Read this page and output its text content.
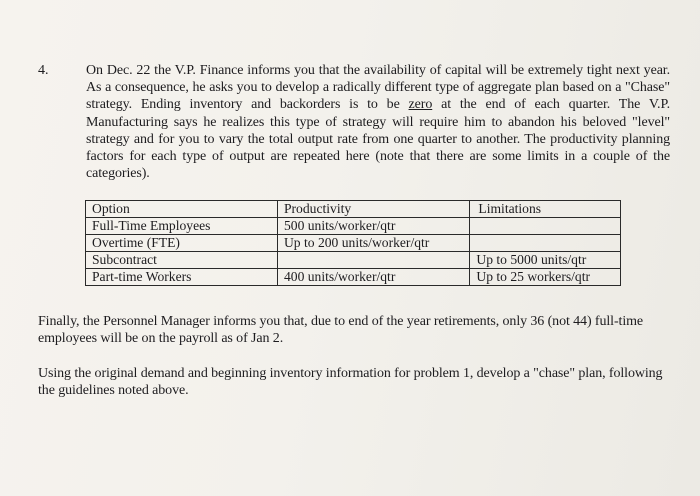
4.	On Dec. 22 the V.P. Finance informs you that the availability of capital will be extremely tight next year. As a consequence, he asks you to develop a radically different type of aggregate plan based on a "Chase" strategy. Ending inventory and backorders is to be zero at the end of each quarter. The V.P. Manufacturing says he realizes this type of strategy will require him to abandon his beloved "level" strategy and for you to vary the total output rate from one quarter to another. The productivity planning factors for each type of output are repeated here (note that there are some limits in a couple of the categories).
Option	Productivity	Limitations
Full-Time Employees	500 units/worker/qtr	
Overtime (FTE)	Up to 200 units/worker/qtr	
Subcontract		Up to 5000 units/qtr
Part-time Workers	400 units/worker/qtr	Up to 25 workers/qtr
Finally, the Personnel Manager informs you that, due to end of the year retirements, only 36 (not 44) full-time employees will be on the payroll as of Jan 2.
Using the original demand and beginning inventory information for problem 1, develop a "chase" plan, following the guidelines noted above.
